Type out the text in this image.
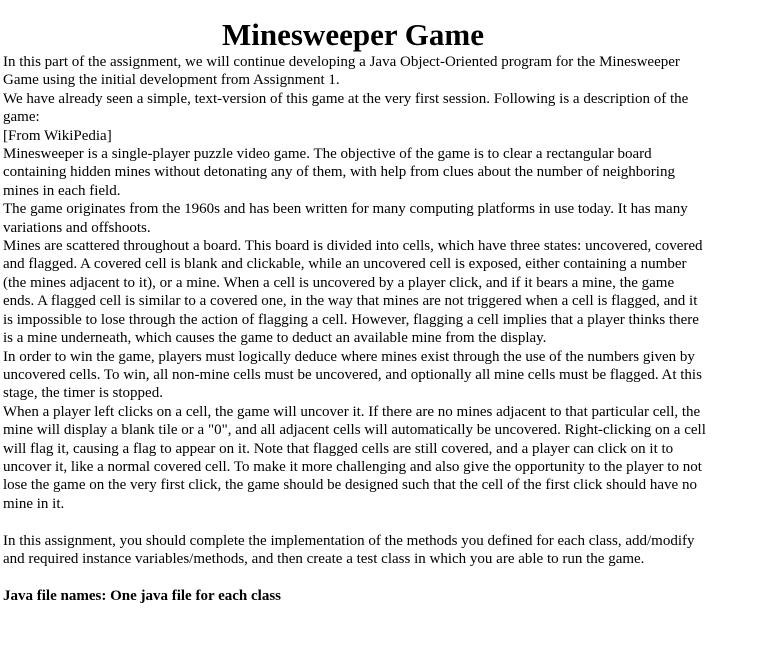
Minesweeper Game

In this part of the assignment, we will continue developing a Java Object-Oriented program for the Minesweeper Game using the initial development from Assignment 1.

We have already seen a simple, text-version of this game at the very first session. Following is a description of the game:

[From WikiPedia]

Minesweeper is a single-player puzzle video game. The objective of the game is to clear a rectangular board containing hidden mines without detonating any of them, with help from clues about the number of neighboring mines in each field.

The game originates from the 1960s and has been written for many computing platforms in use today. It has many variations and offshoots.

Mines are scattered throughout a board. This board is divided into cells, which have three states: uncovered, covered and flagged. A covered cell is blank and clickable, while an uncovered cell is exposed, either containing a number (the mines adjacent to it), or a mine. When a cell is uncovered by a player click, and if it bears a mine, the game ends. A flagged cell is similar to a covered one, in the way that mines are not triggered when a cell is flagged, and it is impossible to lose through the action of flagging a cell. However, flagging a cell implies that a player thinks there is a mine underneath, which causes the game to deduct an available mine from the display.

In order to win the game, players must logically deduce where mines exist through the use of the numbers given by uncovered cells. To win, all non-mine cells must be uncovered, and optionally all mine cells must be flagged. At this stage, the timer is stopped.

When a player left clicks on a cell, the game will uncover it. If there are no mines adjacent to that particular cell, the mine will display a blank tile or a "0", and all adjacent cells will automatically be uncovered. Right-clicking on a cell will flag it, causing a flag to appear on it. Note that flagged cells are still covered, and a player can click on it to uncover it, like a normal covered cell. To make it more challenging and also give the opportunity to the player to not lose the game on the very first click, the game should be designed such that the cell of the first click should have no mine in it.

In this assignment, you should complete the implementation of the methods you defined for each class, add/modify and required instance variables/methods, and then create a test class in which you are able to run the game.

Java file names: One java file for each class
